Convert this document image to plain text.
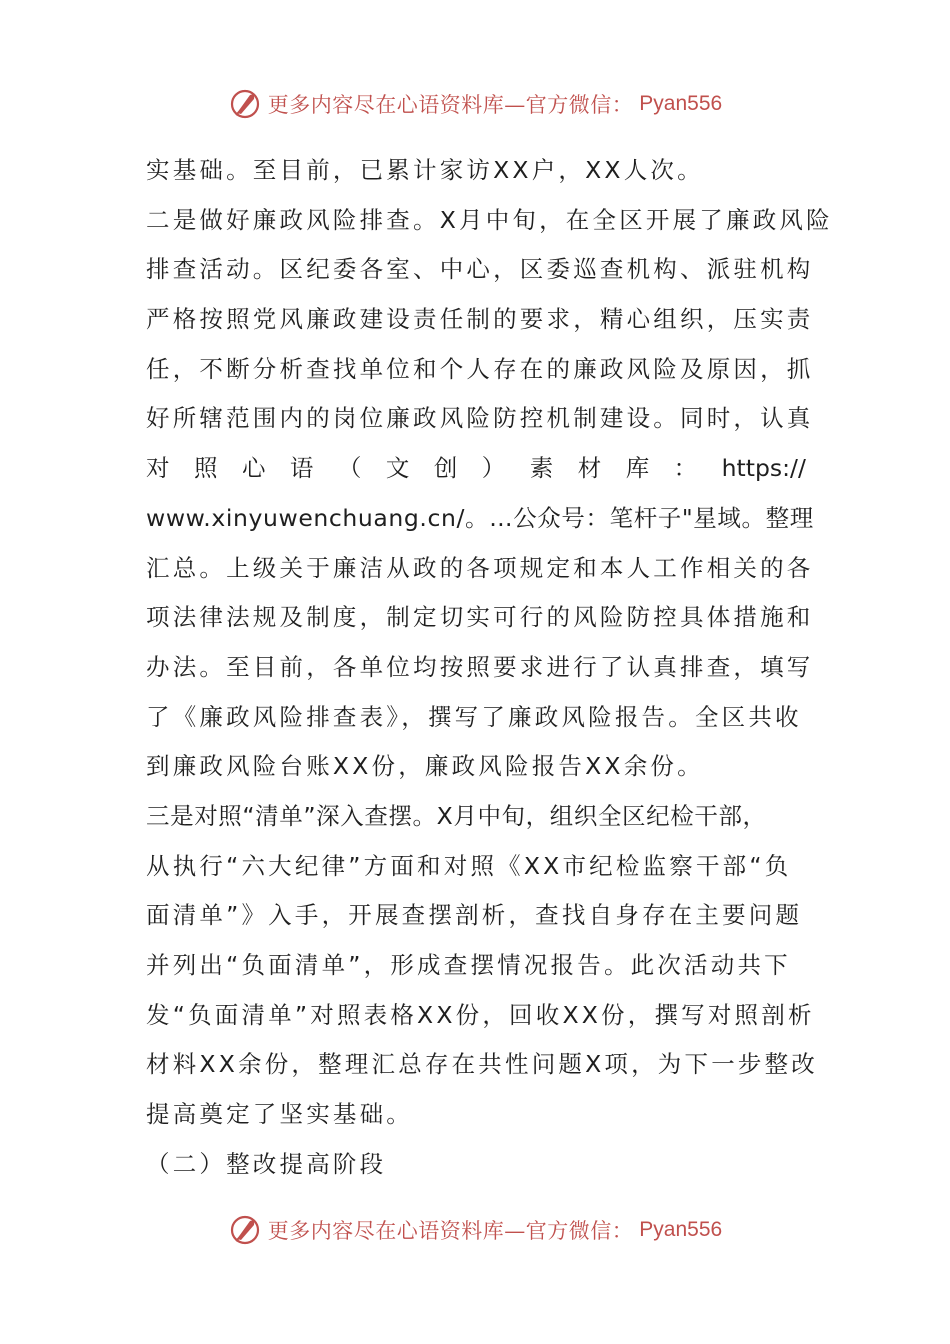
更多内容尽在心语资料库—官方微信： Pyan556
实基础。至目前，已累计家访XX户，XX人次。
二是做好廉政风险排查。X月中旬，在全区开展了廉政风险
排查活动。区纪委各室、中心，区委巡查机构、派驻机构
严格按照党风廉政建设责任制的要求，精心组织，压实责
任，不断分析查找单位和个人存在的廉政风险及原因，抓
好所辖范围内的岗位廉政风险防控机制建设。同时，认真
对 照 心 语 （ 文 创 ） 素 材 库 ： https://
www.xinyuwenchuang.cn/。…公众号：笔杆子"星域。整理
汇总。上级关于廉洁从政的各项规定和本人工作相关的各
项法律法规及制度，制定切实可行的风险防控具体措施和
办法。至目前，各单位均按照要求进行了认真排查，填写
了《廉政风险排查表》，撰写了廉政风险报告。全区共收
到廉政风险台账XX份，廉政风险报告XX余份。
三是对照“清单”深入查摆。X月中旬，组织全区纪检干部，
从执行“六大纪律”方面和对照《XX市纪检监察干部“负
面清单”》入手，开展查摆剖析，查找自身存在主要问题
并列出“负面清单”，形成查摆情况报告。此次活动共下
发“负面清单”对照表格XX份，回收XX份，撰写对照剖析
材料XX余份，整理汇总存在共性问题X项，为下一步整改
提高奠定了坚实基础。
（二）整改提高阶段
更多内容尽在心语资料库—官方微信： Pyan556
